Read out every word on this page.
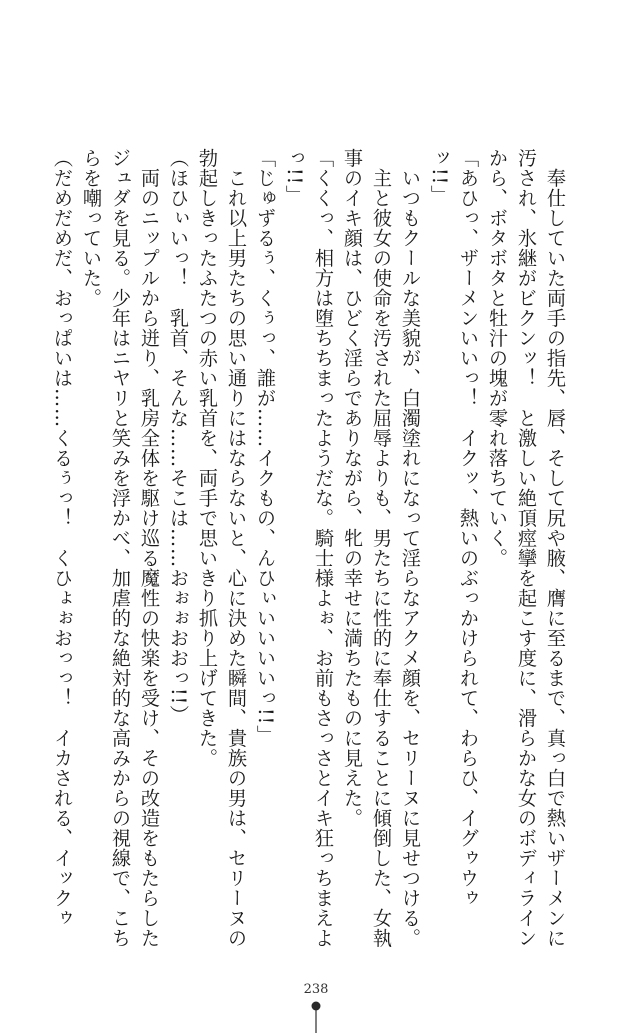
　奉仕していた両手の指先、唇、そして尻や腋、膺に至るまで、真っ白で熱いザーメンに
汚され、氷継がビクンッ！　と激しい絶頂痙攣を起こす度に、滑らかな女のボディライン
から、ボタボタと牡汁の塊が零れ落ちていく。
「あひっ、ザーメンいいっ！　イクッ、熱いのぶっかけられて、わらひ、イグゥウゥ
ッ!!」
　いつもクールな美貌が、白濁塗れになって淫らなアクメ顔を、セリーヌに見せつける。
　主と彼女の使命を汚された屈辱よりも、男たちに性的に奉仕することに傾倒した、女執
事のイキ顔は、ひどく淫らでありながら、牝の幸せに満ちたものに見えた。
「くくっ、相方は堕ちちまったようだな。騎士様よぉ、お前もさっさとイキ狂っちまえよ
っ!!」
「じゅずるぅ、くぅっ、誰が……イクもの、んひぃいいいいっ!!」
　これ以上男たちの思い通りにはならないと、心に決めた瞬間、貴族の男は、セリーヌの
勃起しきったふたつの赤い乳首を、両手で思いきり抓り上げてきた。
（ほひぃいっ！　乳首、そんな……そこは……おぉぉおおっ!!）
　両のニップルから迸り、乳房全体を駆け巡る魔性の快楽を受け、その改造をもたらした
ジュダを見る。少年はニヤリと笑みを浮かべ、加虐的な絶対的な高みからの視線で、こち
らを嘲っていた。
（だめだめだ、おっぱいは……くるぅっ！　くひょぉおっっ！　イカされる、イックゥ
238
